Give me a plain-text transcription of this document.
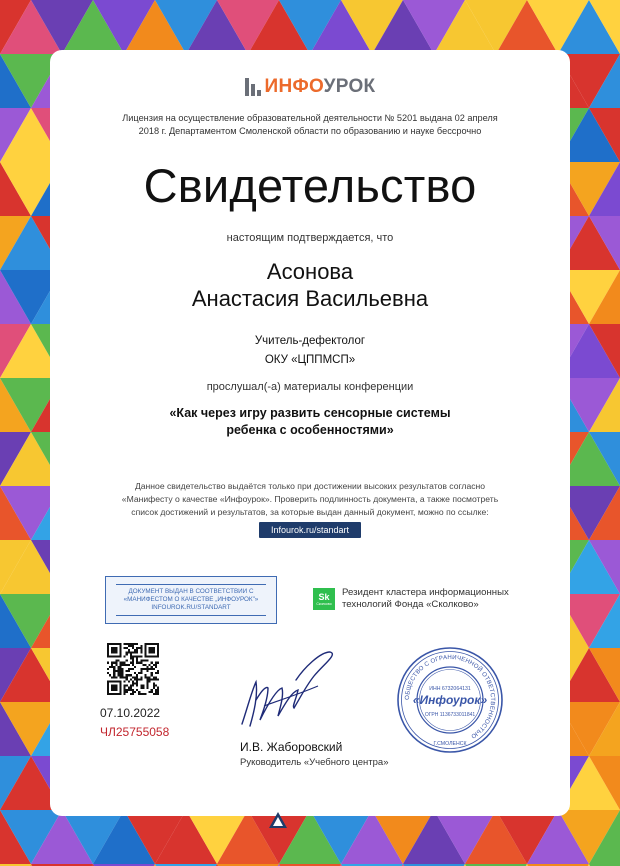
ИНФОУРОК
Лицензия на осуществление образовательной деятельности № 5201 выдана 02 апреля
2018 г. Департаментом Смоленской области по образованию и науке бессрочно
Свидетельство
настоящим подтверждается, что
Асонова
Анастасия Васильевна
Учитель-дефектолог
ОКУ «ЦППМСП»
прослушал(-а) материалы конференции
«Как через игру развить сенсорные системы
ребенка с особенностями»
Данное свидетельство выдаётся только при достижении высоких результатов согласно
«Манифесту о качестве «Инфоурок». Проверить подлинность документа, а также посмотреть
список достижений и результатов, за которые выдан данный документ, можно по ссылке:
Infourok.ru/standart
ДОКУМЕНТ ВЫДАН В СООТВЕТСТВИИ С
«МАНИФЕСТОМ О КАЧЕСТВЕ „ИНФОУРОК"»
INFOUROK.RU/STANDART
Sk
Сколково
Резидент кластера информационных
технологий Фонда «Сколково»
07.10.2022
ЧЛ25755058
И.В. Жаборовский
Руководитель «Учебного центра»
ОБЩЕСТВО С ОГРАНИЧЕННОЙ ОТВЕТСТВЕННОСТЬЮ
«Инфоурок»
ИНН 6732064131
ОГРН 1136733011841
Г.СМОЛЕНСК
